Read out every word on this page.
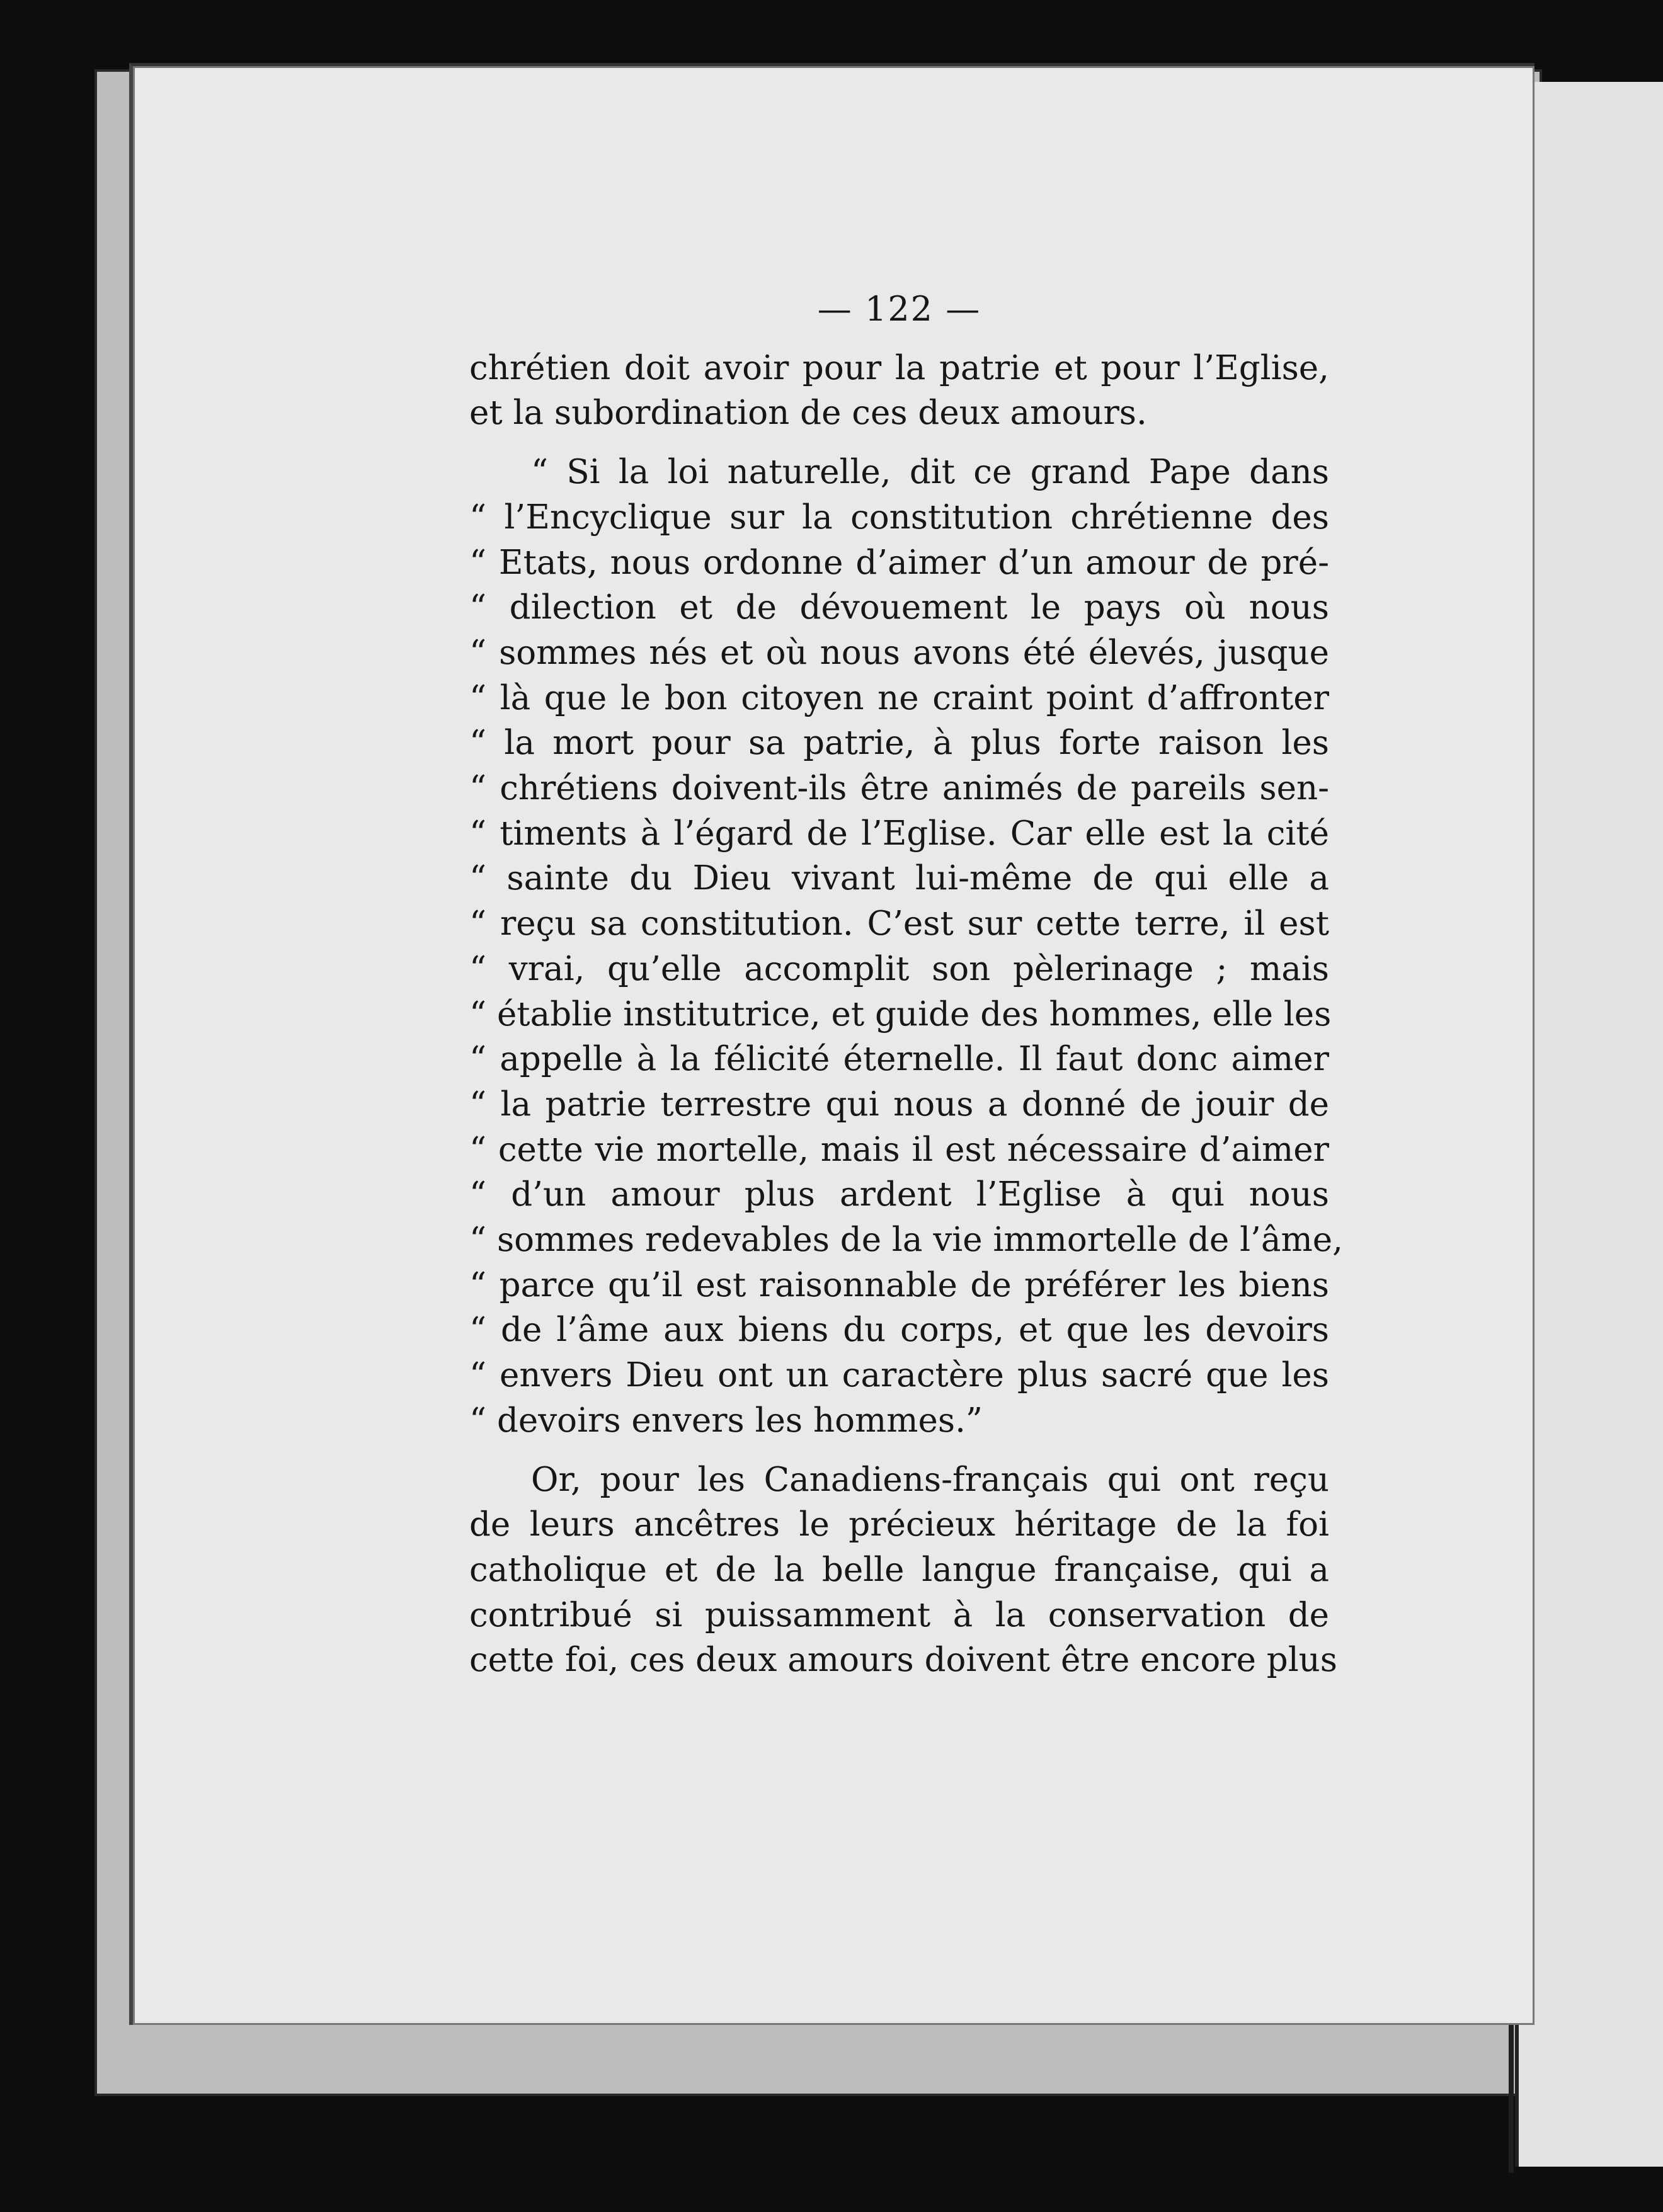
— 122 —
chrétien doit avoir pour la patrie et pour l’Eglise,
et la subordination de ces deux amours.
“ Si la loi naturelle, dit ce grand Pape dans
“ l’Encyclique sur la constitution chrétienne des
“ Etats, nous ordonne d’aimer d’un amour de pré-
“ dilection et de dévouement le pays où nous
“ sommes nés et où nous avons été élevés, jusque
“ là que le bon citoyen ne craint point d’affronter
“ la mort pour sa patrie, à plus forte raison les
“ chrétiens doivent-ils être animés de pareils sen-
“ timents à l’égard de l’Eglise. Car elle est la cité
“ sainte du Dieu vivant lui-même de qui elle a
“ reçu sa constitution. C’est sur cette terre, il est
“ vrai, qu’elle accomplit son pèlerinage ; mais
“ établie institutrice, et guide des hommes, elle les
“ appelle à la félicité éternelle. Il faut donc aimer
“ la patrie terrestre qui nous a donné de jouir de
“ cette vie mortelle, mais il est nécessaire d’aimer
“ d’un amour plus ardent l’Eglise à qui nous
“ sommes redevables de la vie immortelle de l’âme,
“ parce qu’il est raisonnable de préférer les biens
“ de l’âme aux biens du corps, et que les devoirs
“ envers Dieu ont un caractère plus sacré que les
“ devoirs envers les hommes.”
Or, pour les Canadiens-français qui ont reçu
de leurs ancêtres le précieux héritage de la foi
catholique et de la belle langue française, qui a
contribué si puissamment à la conservation de
cette foi, ces deux amours doivent être encore plus
